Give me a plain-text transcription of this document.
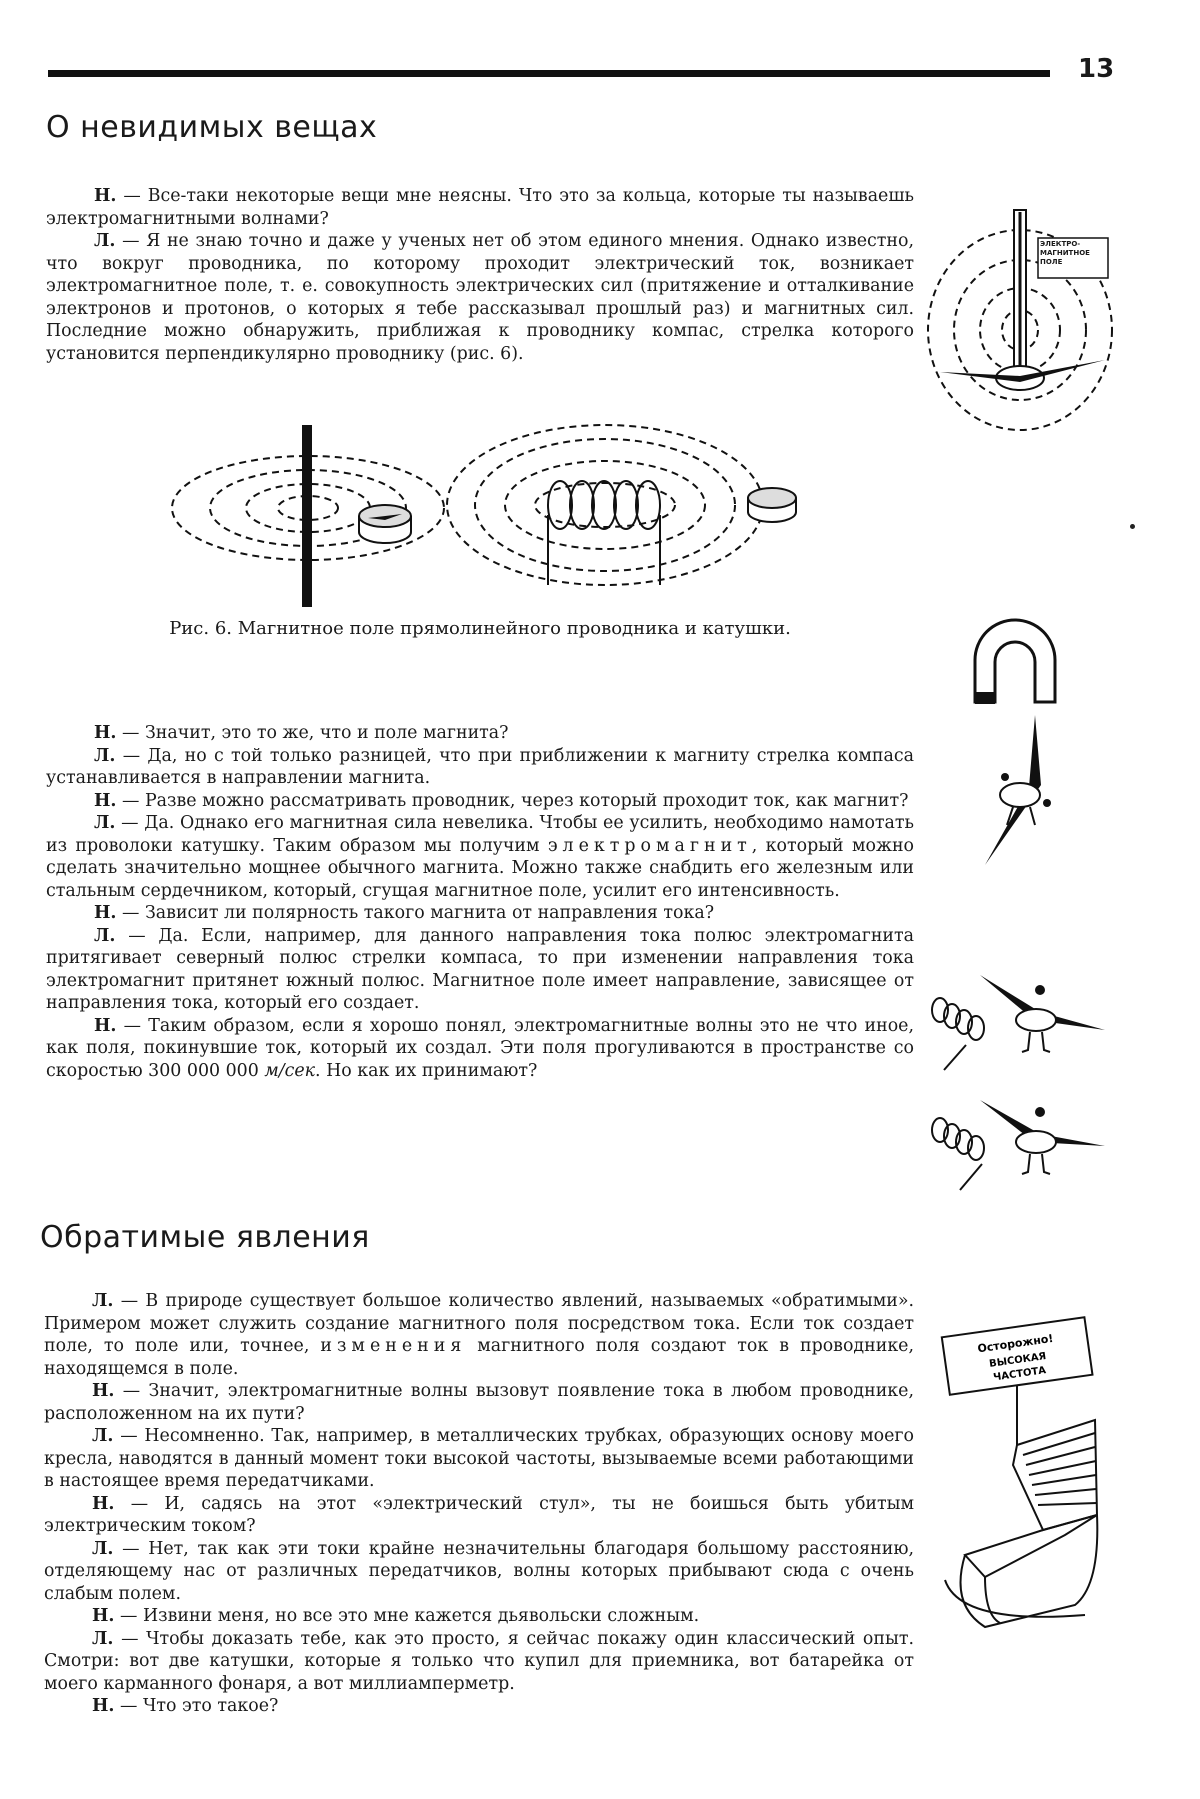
13
О невидимых вещах

Н. — Все-таки некоторые вещи мне неясны. Что это за кольца, которые ты называешь электромагнитными волнами?

Л. — Я не знаю точно и даже у ученых нет об этом единого мнения. Однако известно, что вокруг проводника, по которому проходит электрический ток, возникает электромагнитное поле, т. е. совокупность электрических сил (притяжение и отталкивание электронов и протонов, о которых я тебе рассказывал прошлый раз) и магнитных сил. Последние можно обнаружить, приближая к проводнику компас, стрелка которого установится перпендикулярно проводнику (рис. 6).

ЭЛЕКТРО-МАГНИТНОЕ ПОЛЕ
Рис. 6. Магнитное поле прямолинейного проводника и катушки.

Н. — Значит, это то же, что и поле магнита?

Л. — Да, но с той только разницей, что при приближении к магниту стрелка компаса устанавливается в направлении магнита.

Н. — Разве можно рассматривать проводник, через который проходит ток, как магнит?

Л. — Да. Однако его магнитная сила невелика. Чтобы ее усилить, необходимо намотать из проволоки катушку. Таким образом мы получим электромагнит, который можно сделать значительно мощнее обычного магнита. Можно также снабдить его железным или стальным сердечником, который, сгущая магнитное поле, усилит его интенсивность.

Н. — Зависит ли полярность такого магнита от направления тока?

Л. — Да. Если, например, для данного направления тока полюс электромагнита притягивает северный полюс стрелки компаса, то при изменении направления тока электромагнит притянет южный полюс. Магнитное поле имеет направление, зависящее от направления тока, который его создает.

Н. — Таким образом, если я хорошо понял, электромагнитные волны это не что иное, как поля, покинувшие ток, который их создал. Эти поля прогуливаются в пространстве со скоростью 300 000 000 м/сек. Но как их принимают?

Обратимые явления

Л. — В природе существует большое количество явлений, называемых «обратимыми». Примером может служить создание магнитного поля посредством тока. Если ток создает поле, то поле или, точнее, изменения магнитного поля создают ток в проводнике, находящемся в поле.

Н. — Значит, электромагнитные волны вызовут появление тока в любом проводнике, расположенном на их пути?

Л. — Несомненно. Так, например, в металлических трубках, образующих основу моего кресла, наводятся в данный момент токи высокой частоты, вызываемые всеми работающими в настоящее время передатчиками.

Н. — И, садясь на этот «электрический стул», ты не боишься быть убитым электрическим током?

Л. — Нет, так как эти токи крайне незначительны благодаря большому расстоянию, отделяющему нас от различных передатчиков, волны которых прибывают сюда с очень слабым полем.

Н. — Извини меня, но все это мне кажется дьявольски сложным.

Л. — Чтобы доказать тебе, как это просто, я сейчас покажу один классический опыт. Смотри: вот две катушки, которые я только что купил для приемника, вот батарейка от моего карманного фонаря, а вот миллиамперметр.

Н. — Что это такое?

Осторожно!
ВЫСОКАЯ
ЧАСТОТА
